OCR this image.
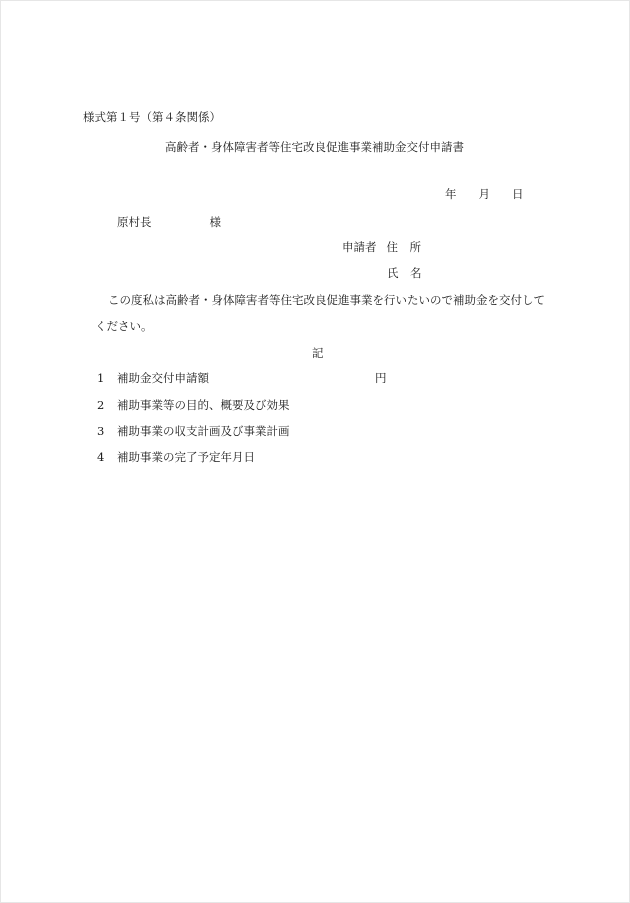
様式第１号（第４条関係）
高齢者・身体障害者等住宅改良促進事業補助金交付申請書
年 月 日
原村長	様
申請者 住　所
氏　名
この度私は高齢者・身体障害者等住宅改良促進事業を行いたいので補助金を交付して
ください。
記
1 補助金交付申請額	円
2 補助事業等の目的、概要及び効果
3 補助事業の収支計画及び事業計画
4 補助事業の完了予定年月日
